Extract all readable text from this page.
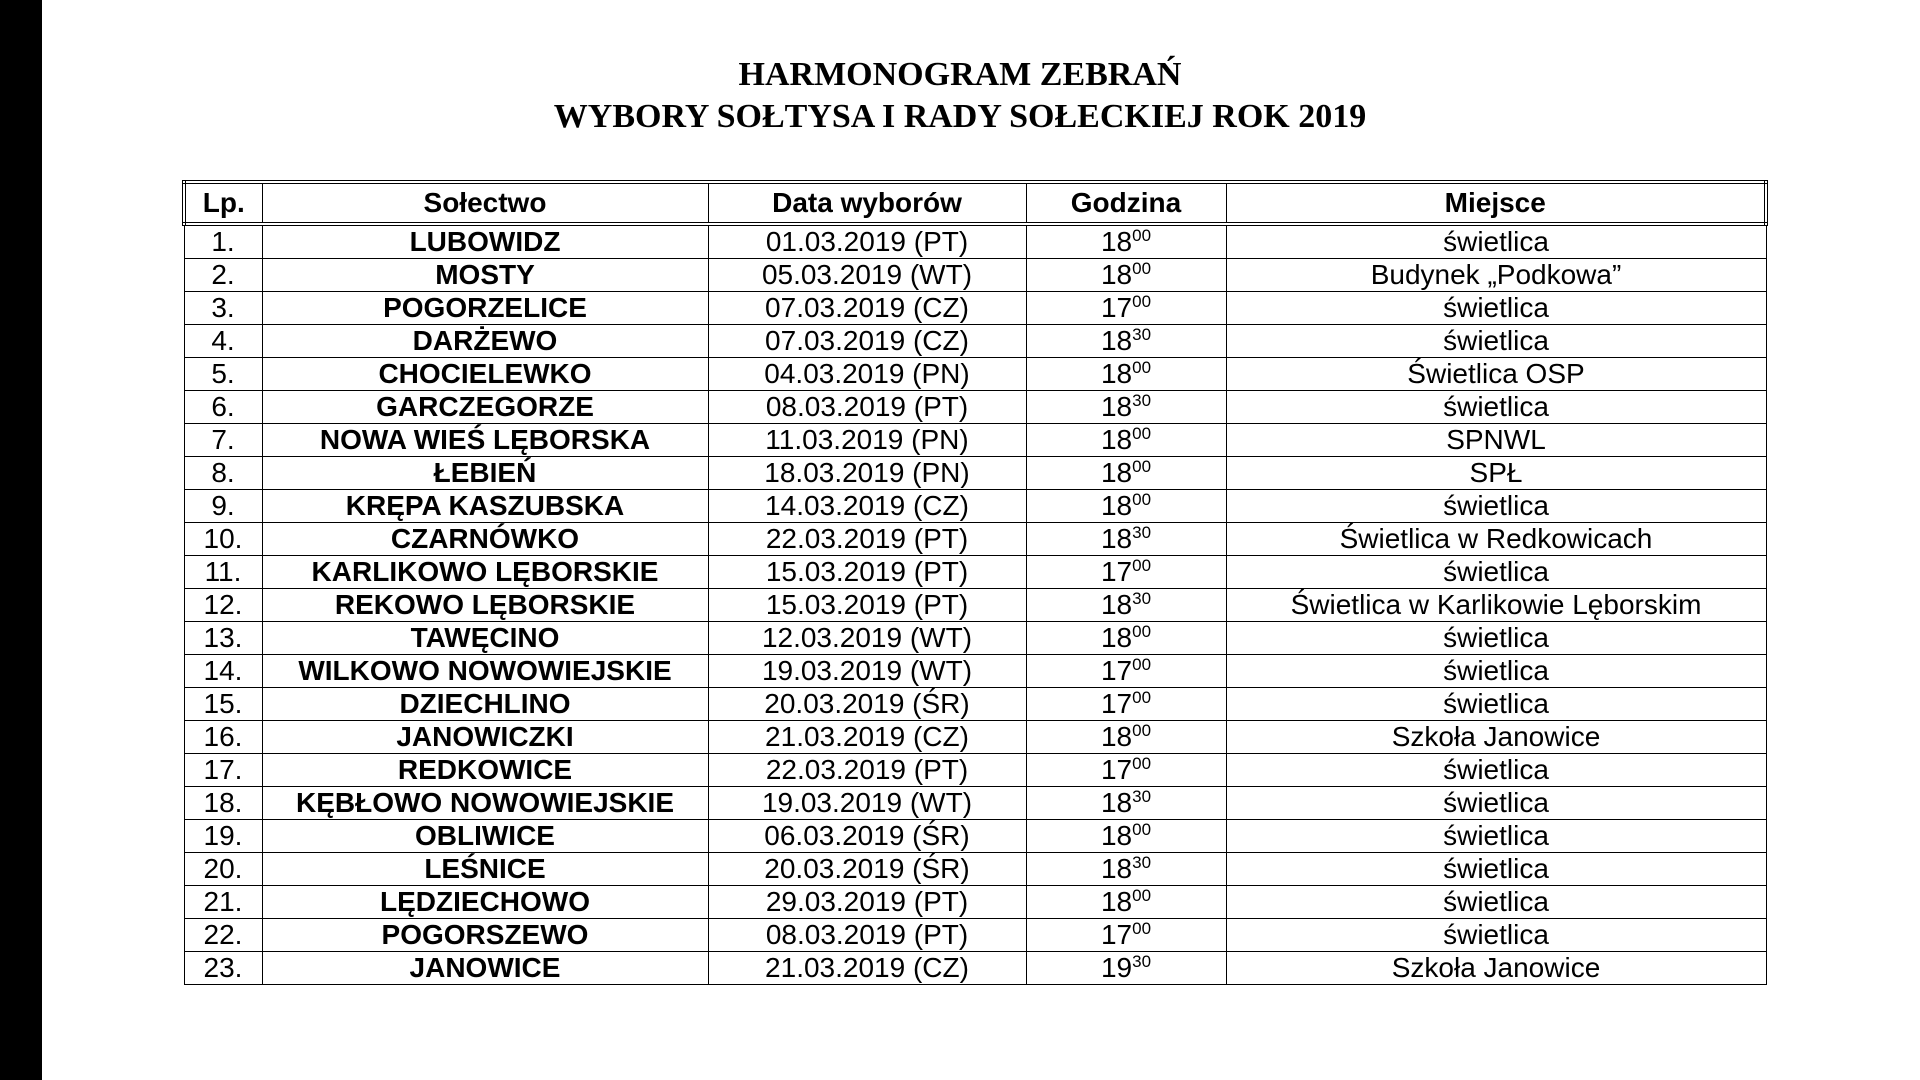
HARMONOGRAM ZEBRAŃ
WYBORY SOŁTYSA I RADY SOŁECKIEJ ROK 2019
Lp.	Sołectwo	Data wyborów	Godzina	Miejsce
1.	LUBOWIDZ	01.03.2019 (PT)	$18^{00}$	świetlica
2.	MOSTY	05.03.2019 (WT)	$18^{00}$	Budynek „Podkowa”
3.	POGORZELICE	07.03.2019 (CZ)	$17^{00}$	świetlica
4.	DARŻEWO	07.03.2019 (CZ)	$18^{30}$	świetlica
5.	CHOCIELEWKO	04.03.2019 (PN)	$18^{00}$	Świetlica OSP
6.	GARCZEGORZE	08.03.2019 (PT)	$18^{30}$	świetlica
7.	NOWA WIEŚ LĘBORSKA	11.03.2019 (PN)	$18^{00}$	SPNWL
8.	ŁEBIEŃ	18.03.2019 (PN)	$18^{00}$	SPŁ
9.	KRĘPA KASZUBSKA	14.03.2019 (CZ)	$18^{00}$	świetlica
10.	CZARNÓWKO	22.03.2019 (PT)	$18^{30}$	Świetlica w Redkowicach
11.	KARLIKOWO LĘBORSKIE	15.03.2019 (PT)	$17^{00}$	świetlica
12.	REKOWO LĘBORSKIE	15.03.2019 (PT)	$18^{30}$	Świetlica w Karlikowie Lęborskim
13.	TAWĘCINO	12.03.2019 (WT)	$18^{00}$	świetlica
14.	WILKOWO NOWOWIEJSKIE	19.03.2019 (WT)	$17^{00}$	świetlica
15.	DZIECHLINO	20.03.2019 (ŚR)	$17^{00}$	świetlica
16.	JANOWICZKI	21.03.2019 (CZ)	$18^{00}$	Szkoła Janowice
17.	REDKOWICE	22.03.2019 (PT)	$17^{00}$	świetlica
18.	KĘBŁOWO NOWOWIEJSKIE	19.03.2019 (WT)	$18^{30}$	świetlica
19.	OBLIWICE	06.03.2019 (ŚR)	$18^{00}$	świetlica
20.	LEŚNICE	20.03.2019 (ŚR)	$18^{30}$	świetlica
21.	LĘDZIECHOWO	29.03.2019 (PT)	$18^{00}$	świetlica
22.	POGORSZEWO	08.03.2019 (PT)	$17^{00}$	świetlica
23.	JANOWICE	21.03.2019 (CZ)	$19^{30}$	Szkoła Janowice
